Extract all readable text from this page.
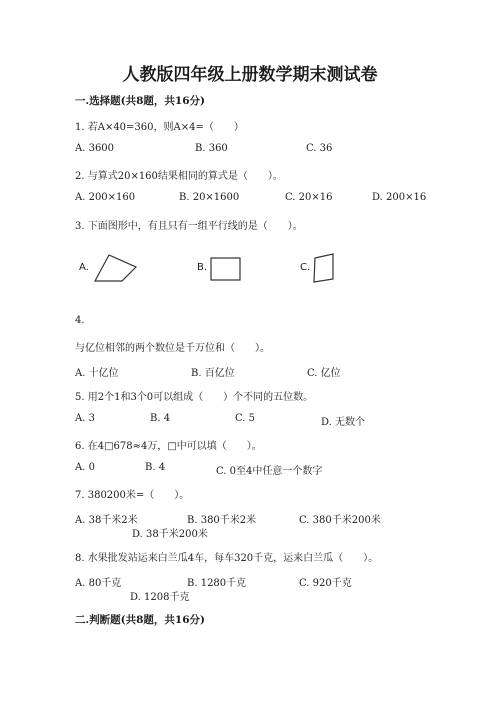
人教版四年级上册数学期末测试卷
一.选择题(共8题，共16分)
1. 若A×40=360，则A×4=（　　）
A. 3600	B. 360	C. 36
2. 与算式20×160结果相同的算式是（　　）。
A. 200×160	B. 20×1600	C. 20×16	D. 200×16
3. 下面图形中，有且只有一组平行线的是（　　）。
A.	B.	C.
4.
与亿位相邻的两个数位是千万位和（　　）。
A. 十亿位	B. 百亿位	C. 亿位
5. 用2个1和3个0可以组成（　　）个不同的五位数。
A. 3	B. 4	C. 5	D. 无数个
6. 在4□678≈4万，□中可以填（　　）。
A. 0	B. 4	C. 0至4中任意一个数字
7. 380200米=（　　）。
A. 38千米2米	B. 380千米2米	C. 380千米200米
D. 38千米200米
8. 水果批发站运来白兰瓜4车，每车320千克，运来白兰瓜（　　）。
A. 80千克	B. 1280千克	C. 920千克
D. 1208千克
二.判断题(共8题，共16分)
